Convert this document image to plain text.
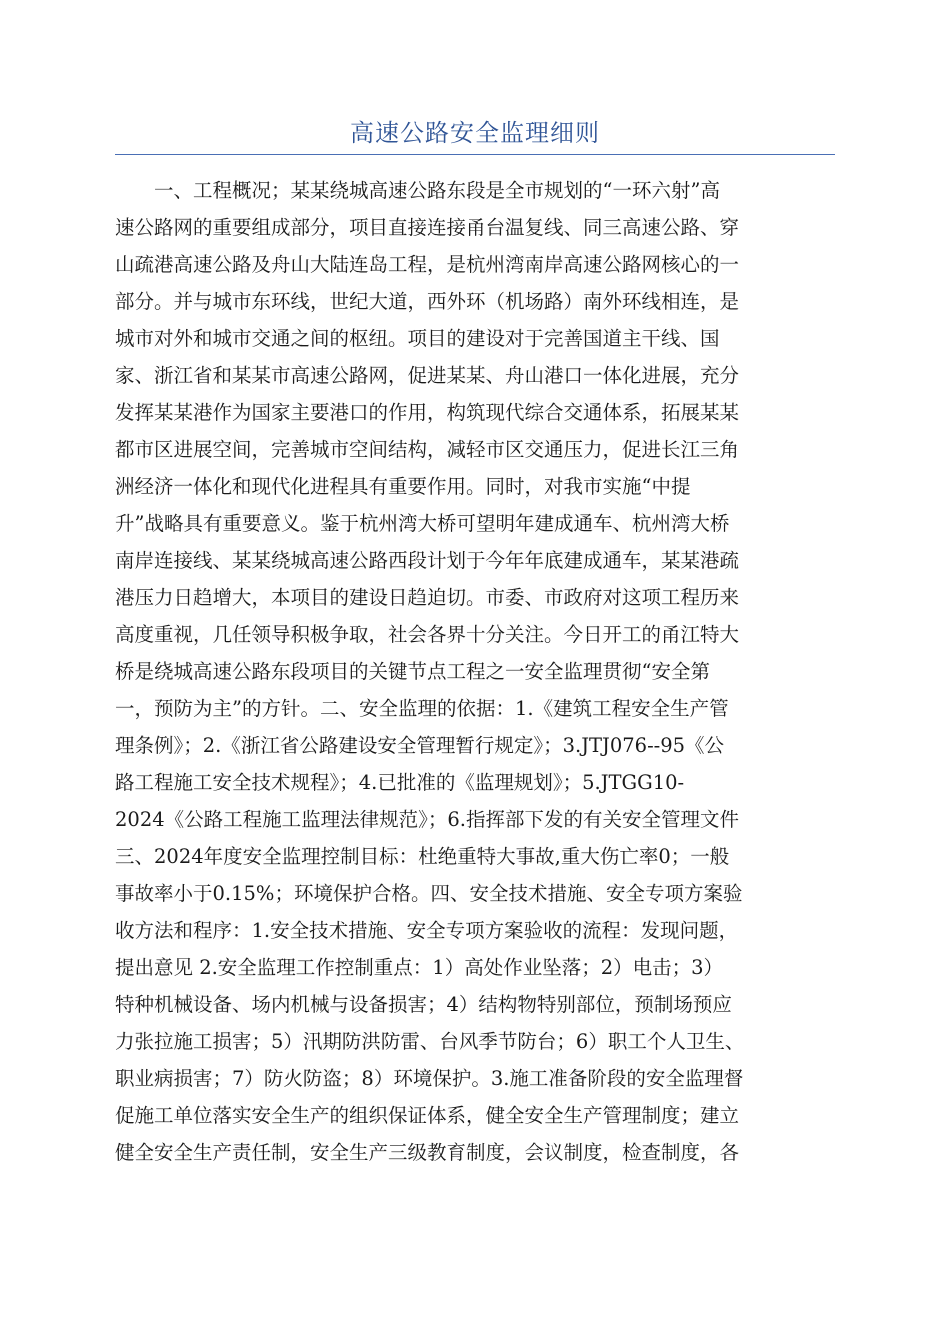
高速公路安全监理细则
一、工程概况；某某绕城高速公路东段是全市规划的“一环六射”高
速公路网的重要组成部分，项目直接连接甬台温复线、同三高速公路、穿
山疏港高速公路及舟山大陆连岛工程，是杭州湾南岸高速公路网核心的一
部分。并与城市东环线，世纪大道，西外环（机场路）南外环线相连，是
城市对外和城市交通之间的枢纽。项目的建设对于完善国道主干线、国
家、浙江省和某某市高速公路网，促进某某、舟山港口一体化进展，充分
发挥某某港作为国家主要港口的作用，构筑现代综合交通体系，拓展某某
都市区进展空间，完善城市空间结构，减轻市区交通压力，促进长江三角
洲经济一体化和现代化进程具有重要作用。同时，对我市实施“中提
升”战略具有重要意义。鉴于杭州湾大桥可望明年建成通车、杭州湾大桥
南岸连接线、某某绕城高速公路西段计划于今年年底建成通车，某某港疏
港压力日趋增大，本项目的建设日趋迫切。市委、市政府对这项工程历来
高度重视，几任领导积极争取，社会各界十分关注。今日开工的甬江特大
桥是绕城高速公路东段项目的关键节点工程之一安全监理贯彻“安全第
一，预防为主”的方针。二、安全监理的依据：1.《建筑工程安全生产管
理条例》；2.《浙江省公路建设安全管理暂行规定》；3.JTJ076--95《公
路工程施工安全技术规程》；4.已批准的《监理规划》；5.JTGG10-
2024《公路工程施工监理法律规范》；6.指挥部下发的有关安全管理文件
三、2024年度安全监理控制目标：杜绝重特大事故,重大伤亡率0；一般
事故率小于0.15%；环境保护合格。四、安全技术措施、安全专项方案验
收方法和程序：1.安全技术措施、安全专项方案验收的流程：发现问题，
提出意见 2.安全监理工作控制重点：1）高处作业坠落；2）电击；3）
特种机械设备、场内机械与设备损害；4）结构物特别部位，预制场预应
力张拉施工损害；5）汛期防洪防雷、台风季节防台；6）职工个人卫生、
职业病损害；7）防火防盗；8）环境保护。3.施工准备阶段的安全监理督
促施工单位落实安全生产的组织保证体系，健全安全生产管理制度；建立
健全安全生产责任制，安全生产三级教育制度，会议制度，检查制度，各
